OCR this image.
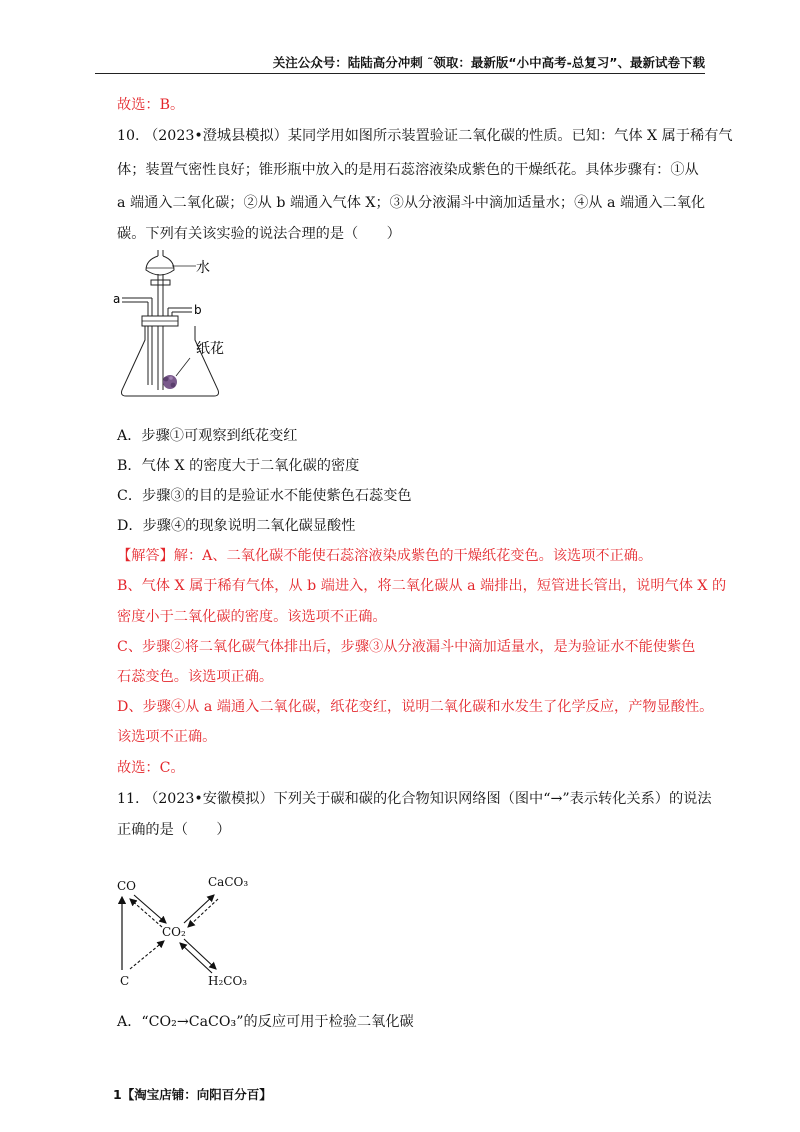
关注公众号：陆陆高分冲刺 ˜领取：最新版“小中高考-总复习”、最新试卷下载
故选：B。
10. （2023•澄城县模拟）某同学用如图所示装置验证二氧化碳的性质。已知：气体 X 属于稀有气
体；装置气密性良好；锥形瓶中放入的是用石蕊溶液染成紫色的干燥纸花。具体步骤有：①从
a 端通入二氧化碳；②从 b 端通入气体 X；③从分液漏斗中滴加适量水；④从 a 端通入二氧化
碳。下列有关该实验的说法合理的是（　　）
水
a
b
纸花
A．步骤①可观察到纸花变红
B．气体 X 的密度大于二氧化碳的密度
C．步骤③的目的是验证水不能使紫色石蕊变色
D．步骤④的现象说明二氧化碳显酸性
【解答】解：A、二氧化碳不能使石蕊溶液染成紫色的干燥纸花变色。该选项不正确。
B、气体 X 属于稀有气体，从 b 端进入，将二氧化碳从 a 端排出，短管进长管出，说明气体 X 的
密度小于二氧化碳的密度。该选项不正确。
C、步骤②将二氧化碳气体排出后，步骤③从分液漏斗中滴加适量水，是为验证水不能使紫色
石蕊变色。该选项正确。
D、步骤④从 a 端通入二氧化碳，纸花变红，说明二氧化碳和水发生了化学反应，产物显酸性。
该选项不正确。
故选：C。
11. （2023•安徽模拟）下列关于碳和碳的化合物知识网络图（图中“→”表示转化关系）的说法
正确的是（　　）
CO	CaCO₃
CO₂
C	H₂CO₃
A．“CO₂→CaCO₃”的反应可用于检验二氧化碳
1【淘宝店铺：向阳百分百】
